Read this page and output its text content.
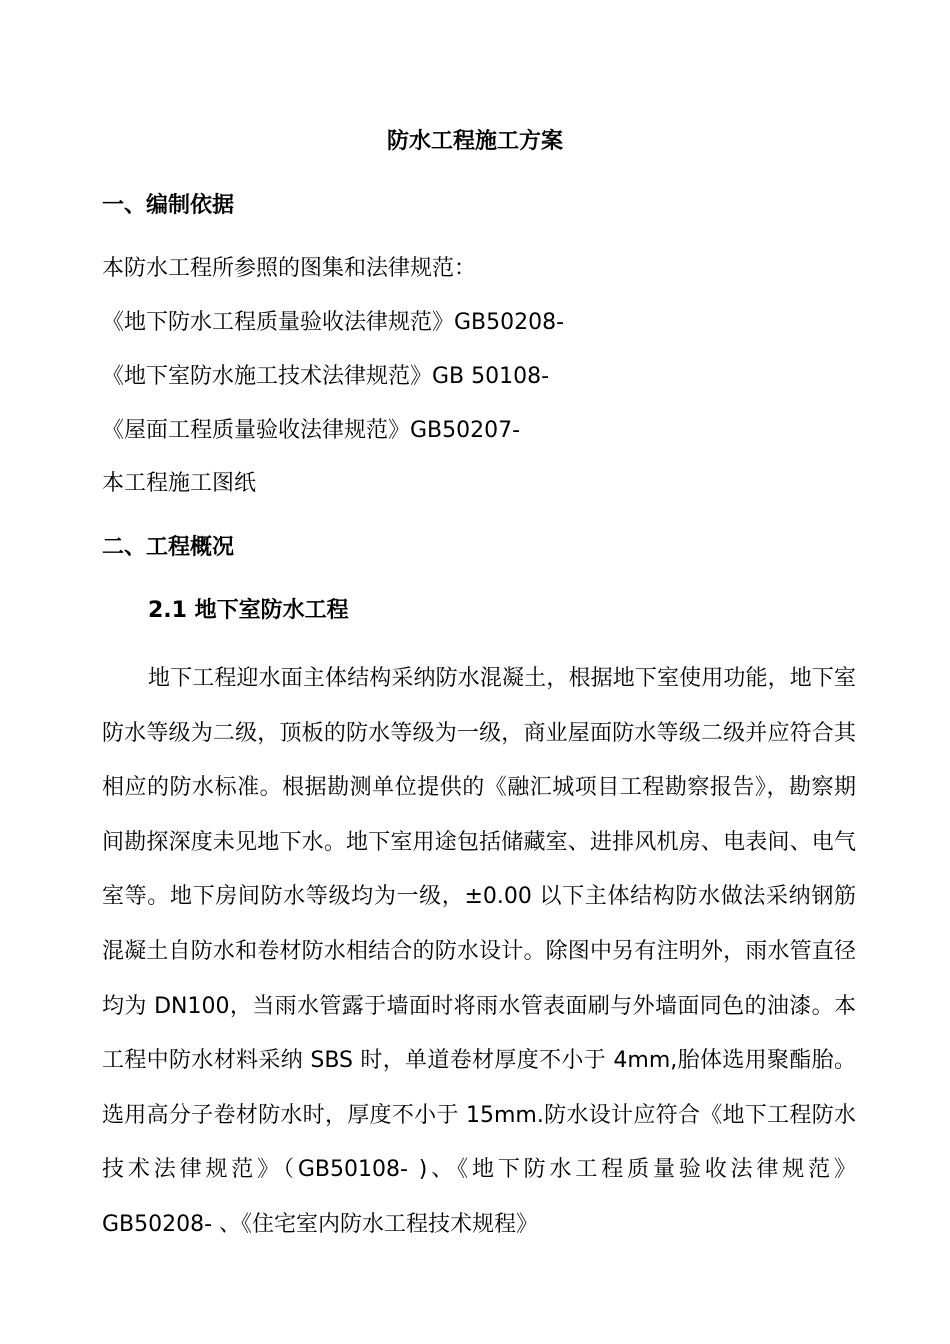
防水工程施工方案
一、编制依据

本防水工程所参照的图集和法律规范：

《地下防水工程质量验收法律规范》GB50208-

《地下室防水施工技术法律规范》GB 50108-

《屋面工程质量验收法律规范》GB50207-

本工程施工图纸

二、工程概况
2.1 地下室防水工程

地下工程迎水面主体结构采纳防水混凝土，根据地下室使用功能，地下室防水等级为二级，顶板的防水等级为一级，商业屋面防水等级二级并应符合其相应的防水标准。根据勘测单位提供的《融汇城项目工程勘察报告》，勘察期间勘探深度未见地下水。地下室用途包括储藏室、进排风机房、电表间、电气室等。地下房间防水等级均为一级，±0.00 以下主体结构防水做法采纳钢筋混凝土自防水和卷材防水相结合的防水设计。除图中另有注明外，雨水管直径均为 DN100，当雨水管露于墙面时将雨水管表面刷与外墙面同色的油漆。本工程中防水材料采纳 SBS 时，单道卷材厚度不小于 4mm,胎体选用聚酯胎。选用高分子卷材防水时，厚度不小于 15mm.防水设计应符合《地下工程防水技术法律规范》（GB50108- )、《地下防水工程质量验收法律规范》GB50208- 、《住宅室内防水工程技术规程》
